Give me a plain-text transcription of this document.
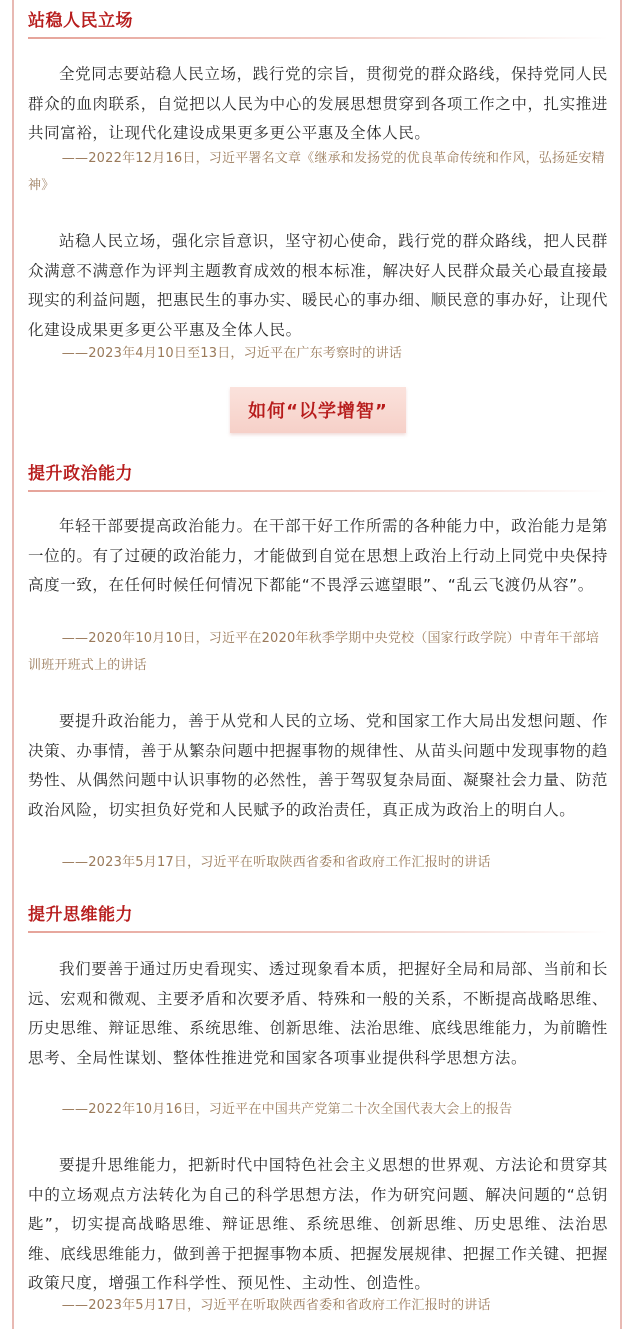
站稳人民立场

全党同志要站稳人民立场，践行党的宗旨，贯彻党的群众路线，保持党同人民群众的血肉联系，自觉把以人民为中心的发展思想贯穿到各项工作之中，扎实推进共同富裕，让现代化建设成果更多更公平惠及全体人民。

——2022年12月16日，习近平署名文章《继承和发扬党的优良革命传统和作风，弘扬延安精神》

站稳人民立场，强化宗旨意识，坚守初心使命，践行党的群众路线，把人民群众满意不满意作为评判主题教育成效的根本标准，解决好人民群众最关心最直接最现实的利益问题，把惠民生的事办实、暖民心的事办细、顺民意的事办好，让现代化建设成果更多更公平惠及全体人民。

——2023年4月10日至13日，习近平在广东考察时的讲话

提升政治能力

年轻干部要提高政治能力。在干部干好工作所需的各种能力中，政治能力是第一位的。有了过硬的政治能力，才能做到自觉在思想上政治上行动上同党中央保持高度一致，在任何时候任何情况下都能“不畏浮云遮望眼”、“乱云飞渡仍从容”。

——2020年10月10日，习近平在2020年秋季学期中央党校（国家行政学院）中青年干部培训班开班式上的讲话

要提升政治能力，善于从党和人民的立场、党和国家工作大局出发想问题、作决策、办事情，善于从繁杂问题中把握事物的规律性、从苗头问题中发现事物的趋势性、从偶然问题中认识事物的必然性，善于驾驭复杂局面、凝聚社会力量、防范政治风险，切实担负好党和人民赋予的政治责任，真正成为政治上的明白人。

——2023年5月17日，习近平在听取陕西省委和省政府工作汇报时的讲话

提升思维能力

我们要善于通过历史看现实、透过现象看本质，把握好全局和局部、当前和长远、宏观和微观、主要矛盾和次要矛盾、特殊和一般的关系，不断提高战略思维、历史思维、辩证思维、系统思维、创新思维、法治思维、底线思维能力，为前瞻性思考、全局性谋划、整体性推进党和国家各项事业提供科学思想方法。

——2022年10月16日，习近平在中国共产党第二十次全国代表大会上的报告

要提升思维能力，把新时代中国特色社会主义思想的世界观、方法论和贯穿其中的立场观点方法转化为自己的科学思想方法，作为研究问题、解决问题的“总钥匙”，切实提高战略思维、辩证思维、系统思维、创新思维、历史思维、法治思维、底线思维能力，做到善于把握事物本质、把握发展规律、把握工作关键、把握政策尺度，增强工作科学性、预见性、主动性、创造性。

——2023年5月17日，习近平在听取陕西省委和省政府工作汇报时的讲话

如何“以学增智”
